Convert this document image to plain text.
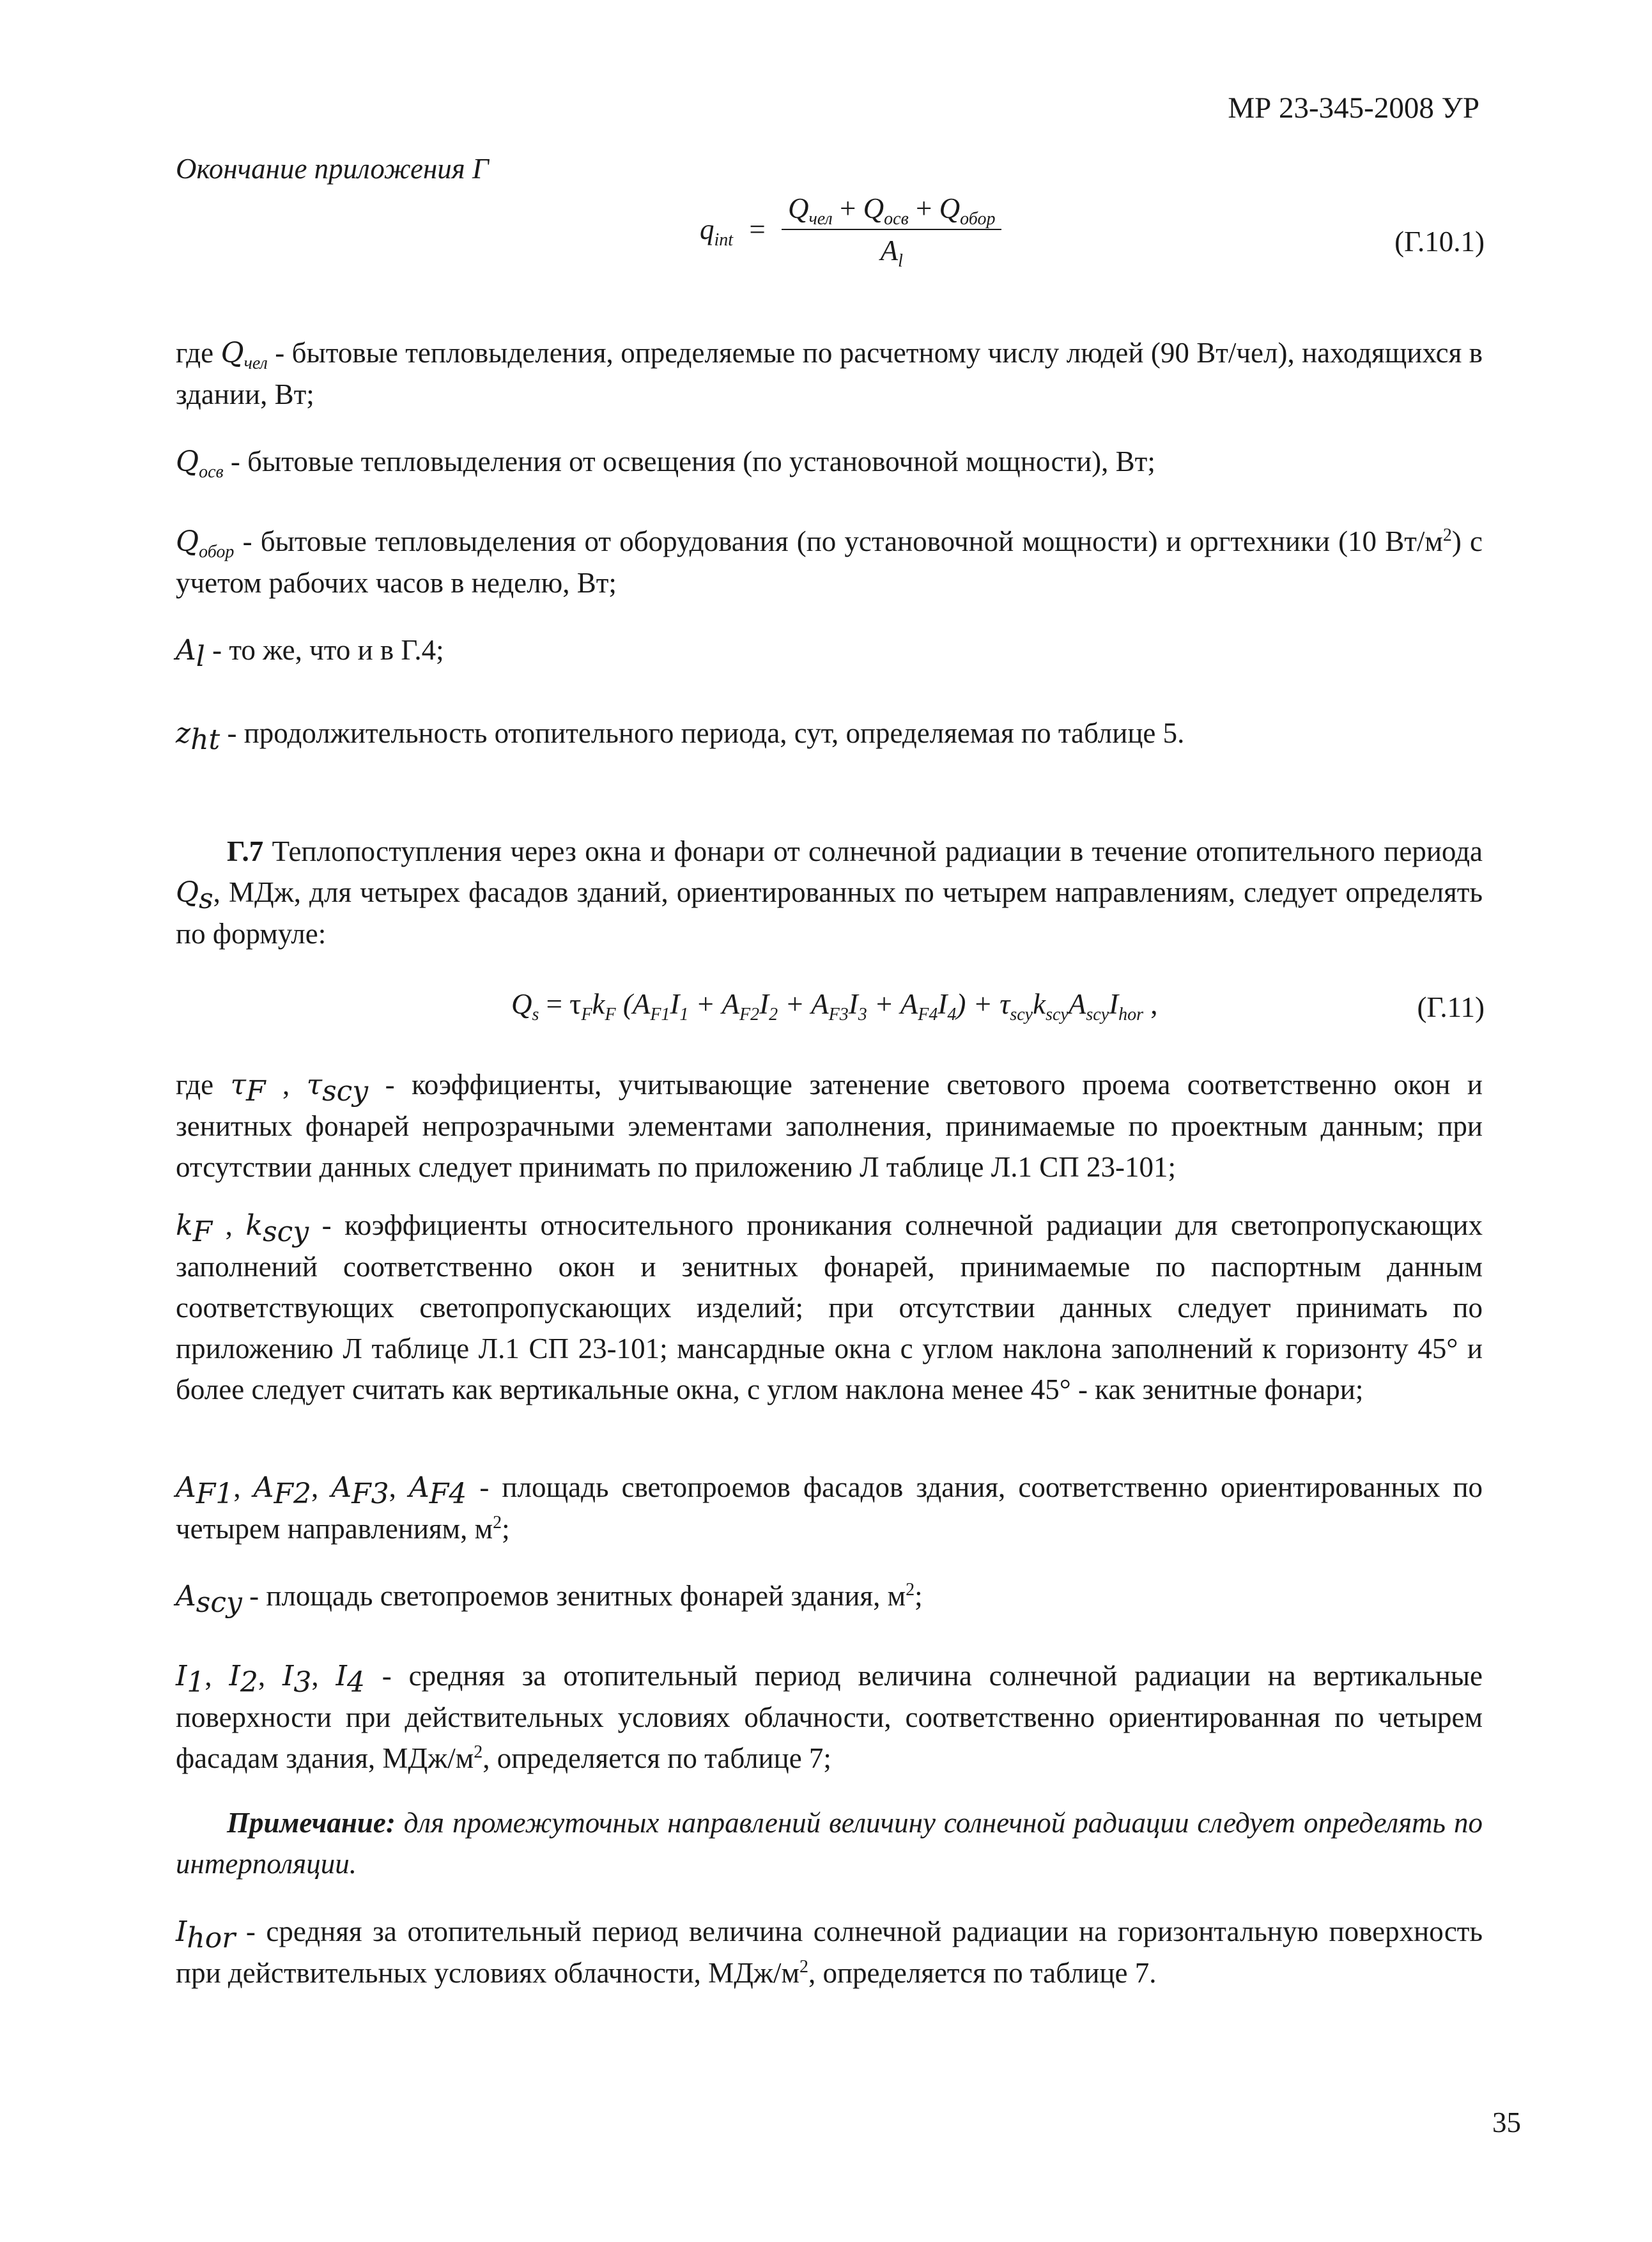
МР 23-345-2008 УР
Окончание приложения Г
$q_{int} = \frac{Q_{чел} + Q_{осв} + Q_{обор}}{A_l}$	(Г.10.1)
где $Q_{чел}$ - бытовые тепловыделения, определяемые по расчетному числу людей (90 Вт/чел), находящихся в здании, Вт;
$Q_{осв}$ - бытовые тепловыделения от освещения (по установочной мощности), Вт;
$Q_{обор}$ - бытовые тепловыделения от оборудования (по установочной мощности) и оргтехники (10 $Вт/м^2$) с учетом рабочих часов в неделю, Вт;
$A_l$ - то же, что и в Г.4;
$z_{ht}$ - продолжительность отопительного периода, сут, определяемая по таблице 5.
Г.7 Теплопоступления через окна и фонари от солнечной радиации в течение отопительного периода $Q_s$, МДж, для четырех фасадов зданий, ориентированных по четырем направлениям, следует определять по формуле:
$Q_s = \tau_Fk_F$ $(A_{F1}I_1 + A_{F2}I_2 + A_{F3}I_3 + A_{F4}I_4) + \tau_{scy}k_{scy}A_{scy}I_{hor}$ ,	(Г.11)
где $\tau_F$ , $\tau_{scy}$ - коэффициенты, учитывающие затенение светового проема соответственно окон и зенитных фонарей непрозрачными элементами заполнения, принимаемые по проектным данным; при отсутствии данных следует принимать по приложению Л таблице Л.1 СП 23-101;
$k_F$ , $k_{scy}$ - коэффициенты относительного проникания солнечной радиации для светопропускающих заполнений соответственно окон и зенитных фонарей, принимаемые по паспортным данным соответствующих светопропускающих изделий; при отсутствии данных следует принимать по приложению Л таблице Л.1 СП 23-101; мансардные окна с углом наклона заполнений к горизонту 45° и более следует считать как вертикальные окна, с углом наклона менее 45° - как зенитные фонари;
$A_{F1}$, $A_{F2}$, $A_{F3}$, $A_{F4}$ - площадь светопроемов фасадов здания, соответственно ориентированных по четырем направлениям, $м^2$;
$A_{scy}$ - площадь светопроемов зенитных фонарей здания, $м^2$;
$I_1$, $I_2$, $I_3$, $I_4$ - средняя за отопительный период величина солнечной радиации на вертикальные поверхности при действительных условиях облачности, соответственно ориентированная по четырем фасадам здания, МДж/$м^2$, определяется по таблице 7;
Примечание: для промежуточных направлений величину солнечной радиации следует определять по интерполяции.
$I_{hor}$ - средняя за отопительный период величина солнечной радиации на горизонтальную поверхность при действительных условиях облачности, МДж/$м^2$, определяется по таблице 7.
35
